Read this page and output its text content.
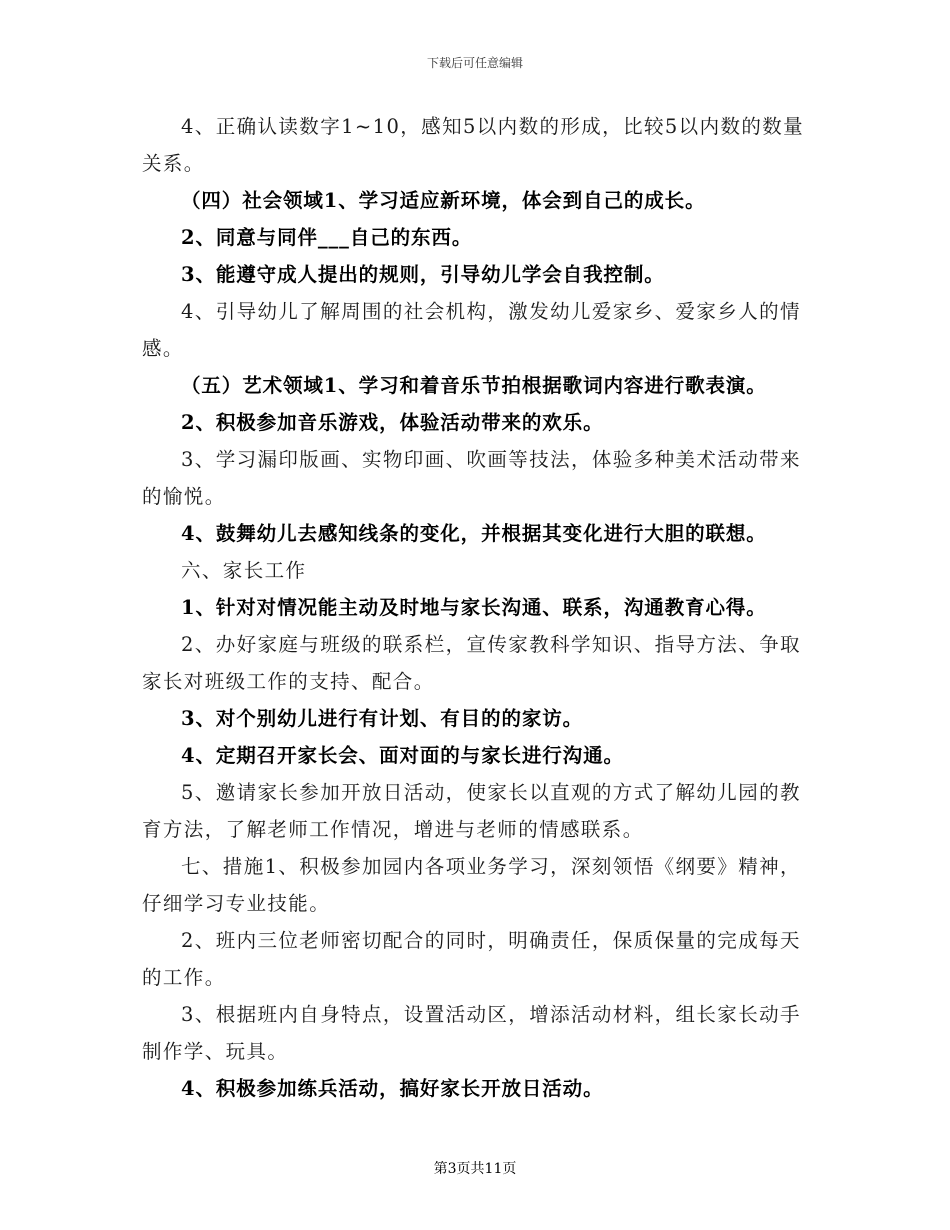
下载后可任意编辑

4、正确认读数字1~10，感知5以内数的形成，比较5以内数的数量关系。

（四）社会领域1、学习适应新环境，体会到自己的成长。

2、同意与同伴___自己的东西。

3、能遵守成人提出的规则，引导幼儿学会自我控制。

4、引导幼儿了解周围的社会机构，激发幼儿爱家乡、爱家乡人的情感。

（五）艺术领域1、学习和着音乐节拍根据歌词内容进行歌表演。

2、积极参加音乐游戏，体验活动带来的欢乐。

3、学习漏印版画、实物印画、吹画等技法，体验多种美术活动带来的愉悦。

4、鼓舞幼儿去感知线条的变化，并根据其变化进行大胆的联想。

六、家长工作

1、针对对情况能主动及时地与家长沟通、联系，沟通教育心得。

2、办好家庭与班级的联系栏，宣传家教科学知识、指导方法、争取家长对班级工作的支持、配合。

3、对个别幼儿进行有计划、有目的的家访。

4、定期召开家长会、面对面的与家长进行沟通。

5、邀请家长参加开放日活动，使家长以直观的方式了解幼儿园的教育方法，了解老师工作情况，增进与老师的情感联系。

七、措施1、积极参加园内各项业务学习，深刻领悟《纲要》精神，仔细学习专业技能。

2、班内三位老师密切配合的同时，明确责任，保质保量的完成每天的工作。

3、根据班内自身特点，设置活动区，增添活动材料，组长家长动手制作学、玩具。

4、积极参加练兵活动，搞好家长开放日活动。

第3页共11页
